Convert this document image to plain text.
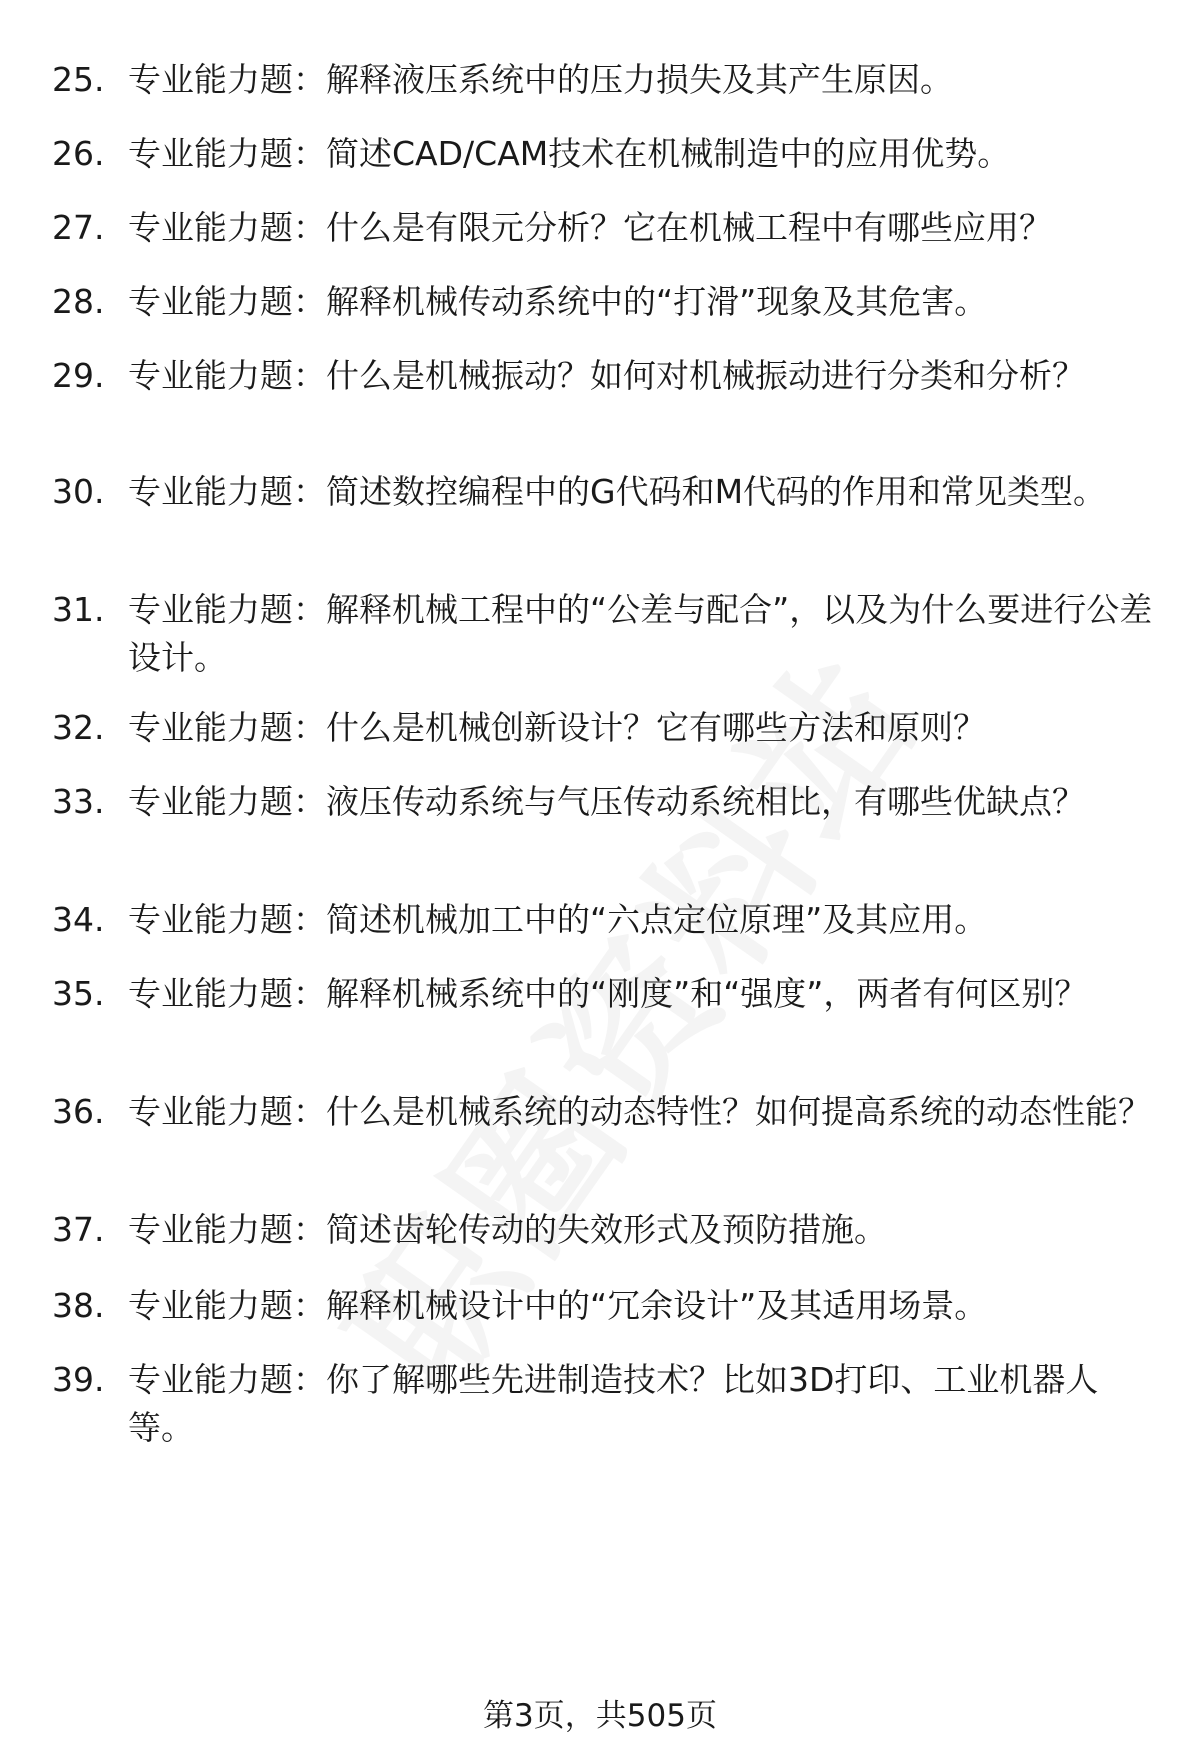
25. 专业能力题：解释液压系统中的压力损失及其产生原因。
26. 专业能力题：简述CAD/CAM技术在机械制造中的应用优势。
27. 专业能力题：什么是有限元分析？它在机械工程中有哪些应用？
28. 专业能力题：解释机械传动系统中的“打滑”现象及其危害。
29. 专业能力题：什么是机械振动？如何对机械振动进行分类和分析？
30. 专业能力题：简述数控编程中的G代码和M代码的作用和常见类型。
31. 专业能力题：解释机械工程中的“公差与配合”，以及为什么要进行公差设计。
32. 专业能力题：什么是机械创新设计？它有哪些方法和原则？
33. 专业能力题：液压传动系统与气压传动系统相比，有哪些优缺点？
34. 专业能力题：简述机械加工中的“六点定位原理”及其应用。
35. 专业能力题：解释机械系统中的“刚度”和“强度”，两者有何区别？
36. 专业能力题：什么是机械系统的动态特性？如何提高系统的动态性能？
37. 专业能力题：简述齿轮传动的失效形式及预防措施。
38. 专业能力题：解释机械设计中的“冗余设计”及其适用场景。
39. 专业能力题：你了解哪些先进制造技术？比如3D打印、工业机器人等。
第3页，共505页
